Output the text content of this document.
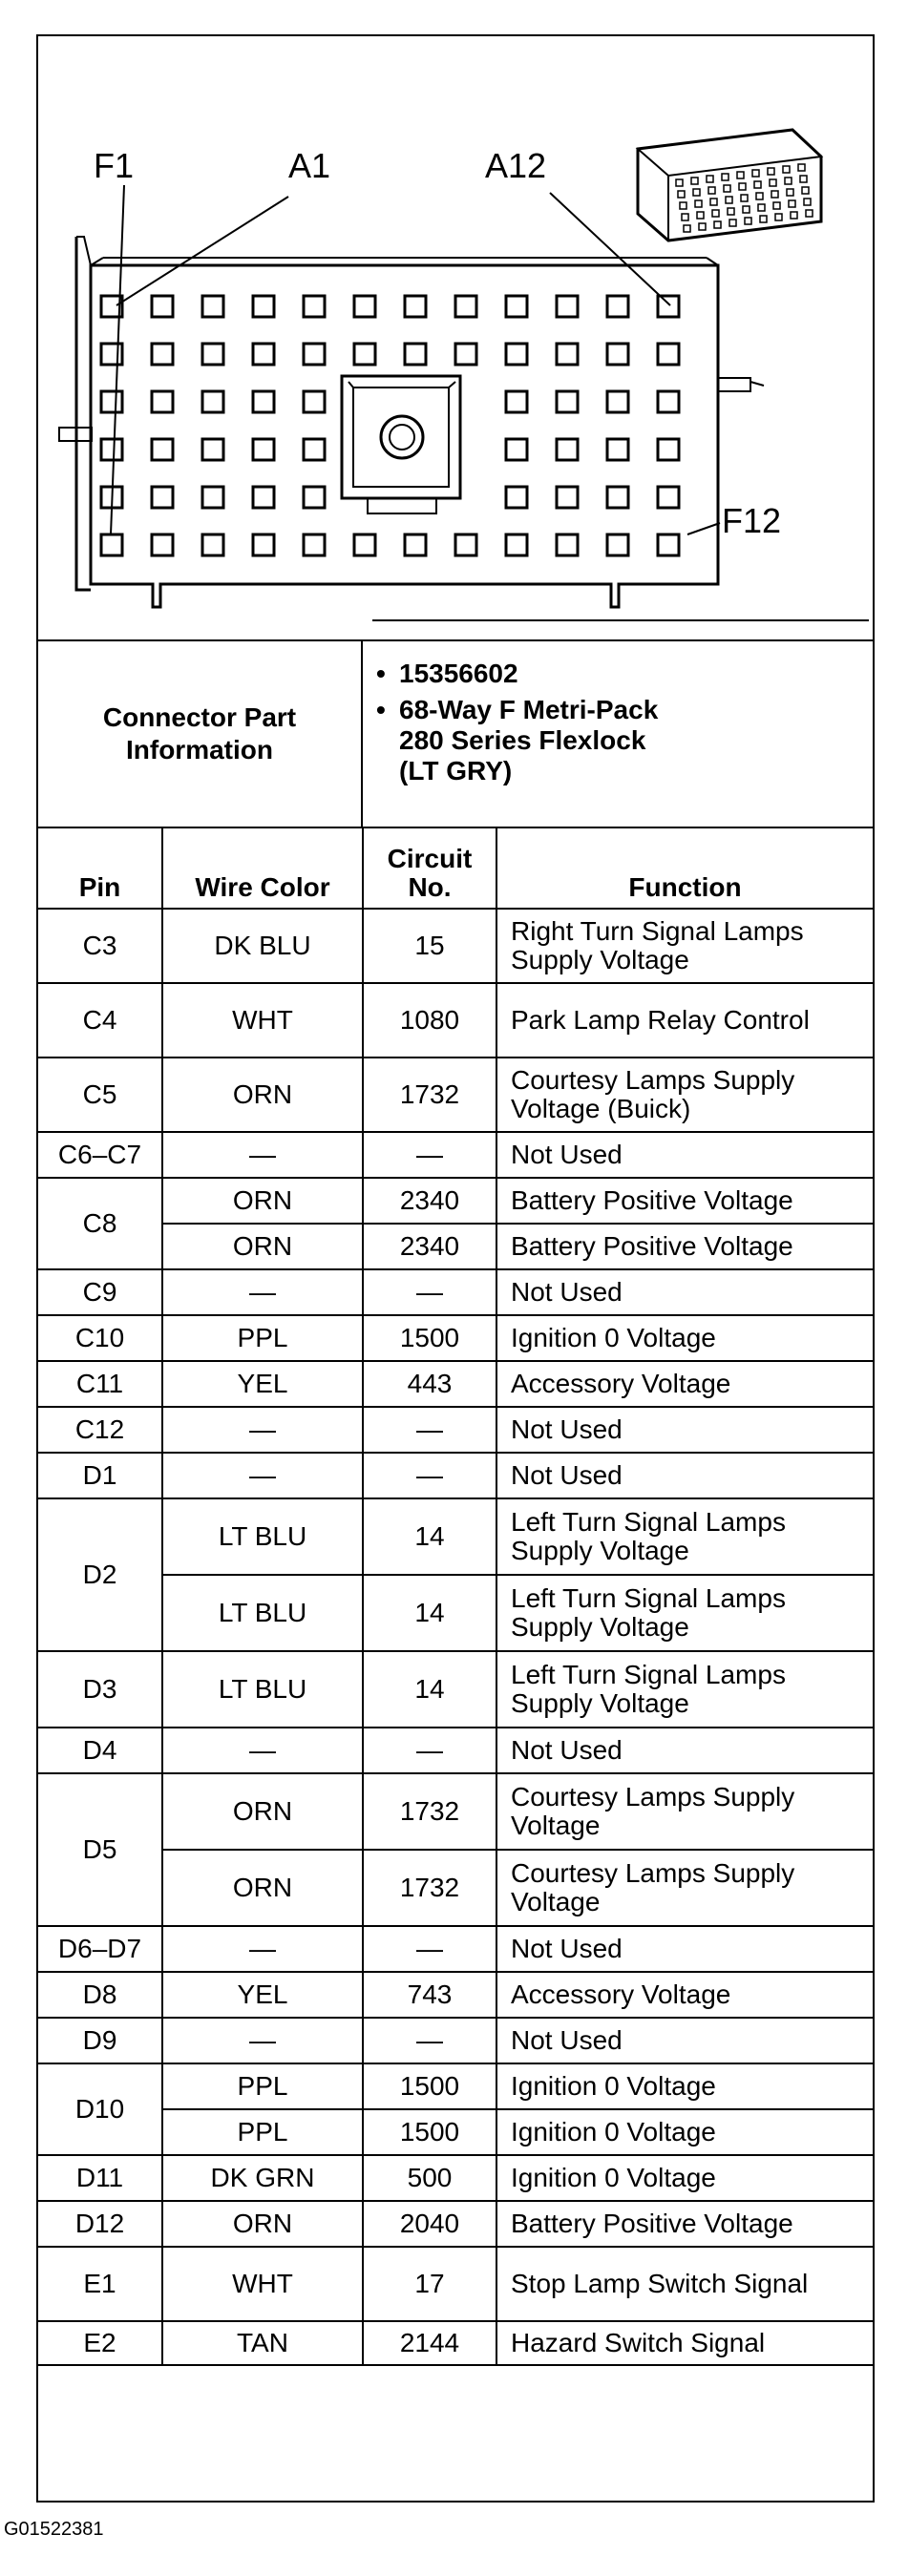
F1	A1	A12
F12
Connector Part Information
• 15356602
• 68-Way F Metri-Pack
280 Series Flexlock
(LT GRY)
Pin	Wire Color	Circuit No.	Function
C3	DK BLU	15	Right Turn Signal Lamps Supply Voltage
C4	WHT	1080	Park Lamp Relay Control
C5	ORN	1732	Courtesy Lamps Supply Voltage (Buick)
C6–C7	—	—	Not Used
C8	ORN	2340	Battery Positive Voltage
	ORN	2340	Battery Positive Voltage
C9	—	—	Not Used
C10	PPL	1500	Ignition 0 Voltage
C11	YEL	443	Accessory Voltage
C12	—	—	Not Used
D1	—	—	Not Used
D2	LT BLU	14	Left Turn Signal Lamps Supply Voltage
	LT BLU	14	Left Turn Signal Lamps Supply Voltage
D3	LT BLU	14	Left Turn Signal Lamps Supply Voltage
D4	—	—	Not Used
D5	ORN	1732	Courtesy Lamps Supply Voltage
	ORN	1732	Courtesy Lamps Supply Voltage
D6–D7	—	—	Not Used
D8	YEL	743	Accessory Voltage
D9	—	—	Not Used
D10	PPL	1500	Ignition 0 Voltage
	PPL	1500	Ignition 0 Voltage
D11	DK GRN	500	Ignition 0 Voltage
D12	ORN	2040	Battery Positive Voltage
E1	WHT	17	Stop Lamp Switch Signal
E2	TAN	2144	Hazard Switch Signal
G01522381
